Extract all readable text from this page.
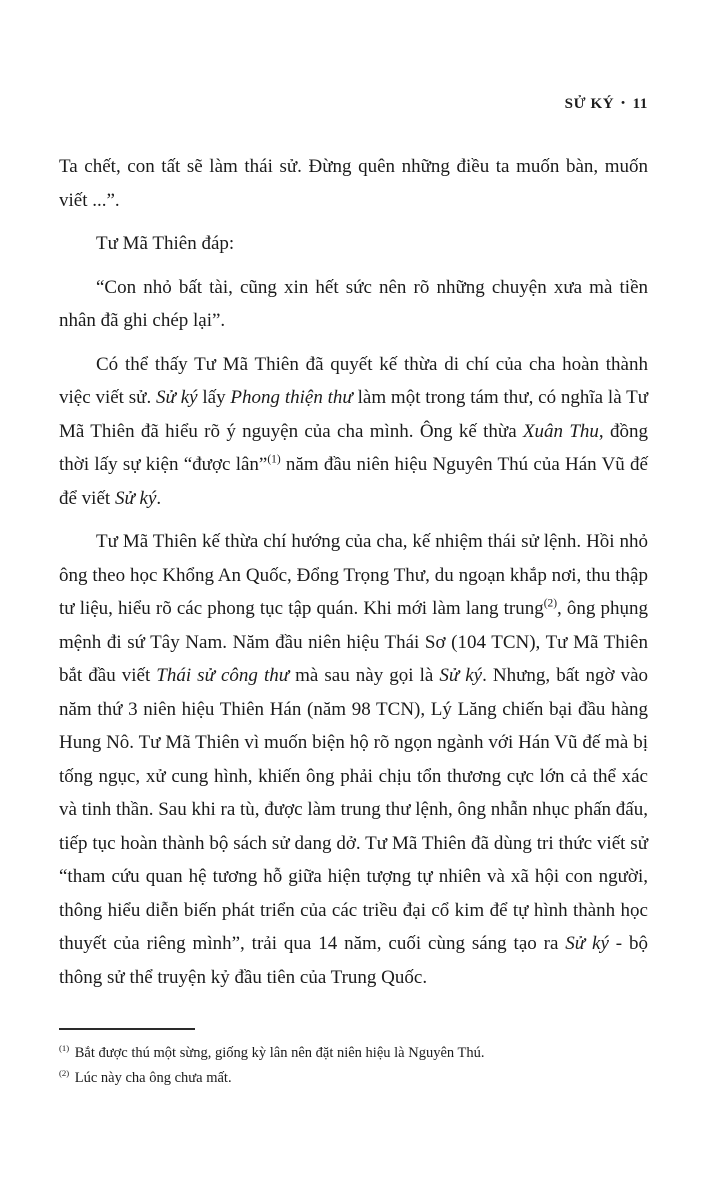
SỬ KÝ • 11

Ta chết, con tất sẽ làm thái sử. Đừng quên những điều ta muốn bàn, muốn viết ...”.

Tư Mã Thiên đáp:

“Con nhỏ bất tài, cũng xin hết sức nên rõ những chuyện xưa mà tiền nhân đã ghi chép lại”.

Có thể thấy Tư Mã Thiên đã quyết kế thừa di chí của cha hoàn thành việc viết sử. Sử ký lấy Phong thiện thư làm một trong tám thư, có nghĩa là Tư Mã Thiên đã hiểu rõ ý nguyện của cha mình. Ông kế thừa Xuân Thu, đồng thời lấy sự kiện “được lân”$^{(1)}$ năm đầu niên hiệu Nguyên Thú của Hán Vũ đế để viết Sử ký.

Tư Mã Thiên kế thừa chí hướng của cha, kế nhiệm thái sử lệnh. Hồi nhỏ ông theo học Khổng An Quốc, Đổng Trọng Thư, du ngoạn khắp nơi, thu thập tư liệu, hiểu rõ các phong tục tập quán. Khi mới làm lang trung$^{(2)}$, ông phụng mệnh đi sứ Tây Nam. Năm đầu niên hiệu Thái Sơ (104 TCN), Tư Mã Thiên bắt đầu viết Thái sử công thư mà sau này gọi là Sử ký. Nhưng, bất ngờ vào năm thứ 3 niên hiệu Thiên Hán (năm 98 TCN), Lý Lăng chiến bại đầu hàng Hung Nô. Tư Mã Thiên vì muốn biện hộ rõ ngọn ngành với Hán Vũ đế mà bị tống ngục, xử cung hình, khiến ông phải chịu tổn thương cực lớn cả thể xác và tinh thần. Sau khi ra tù, được làm trung thư lệnh, ông nhẫn nhục phấn đấu, tiếp tục hoàn thành bộ sách sử dang dở. Tư Mã Thiên đã dùng tri thức viết sử “tham cứu quan hệ tương hỗ giữa hiện tượng tự nhiên và xã hội con người, thông hiểu diễn biến phát triển của các triều đại cổ kim để tự hình thành học thuyết của riêng mình”, trải qua 14 năm, cuối cùng sáng tạo ra Sử ký - bộ thông sử thể truyện kỷ đầu tiên của Trung Quốc.

$^{(1)}$ Bắt được thú một sừng, giống kỳ lân nên đặt niên hiệu là Nguyên Thú.
$^{(2)}$ Lúc này cha ông chưa mất.
